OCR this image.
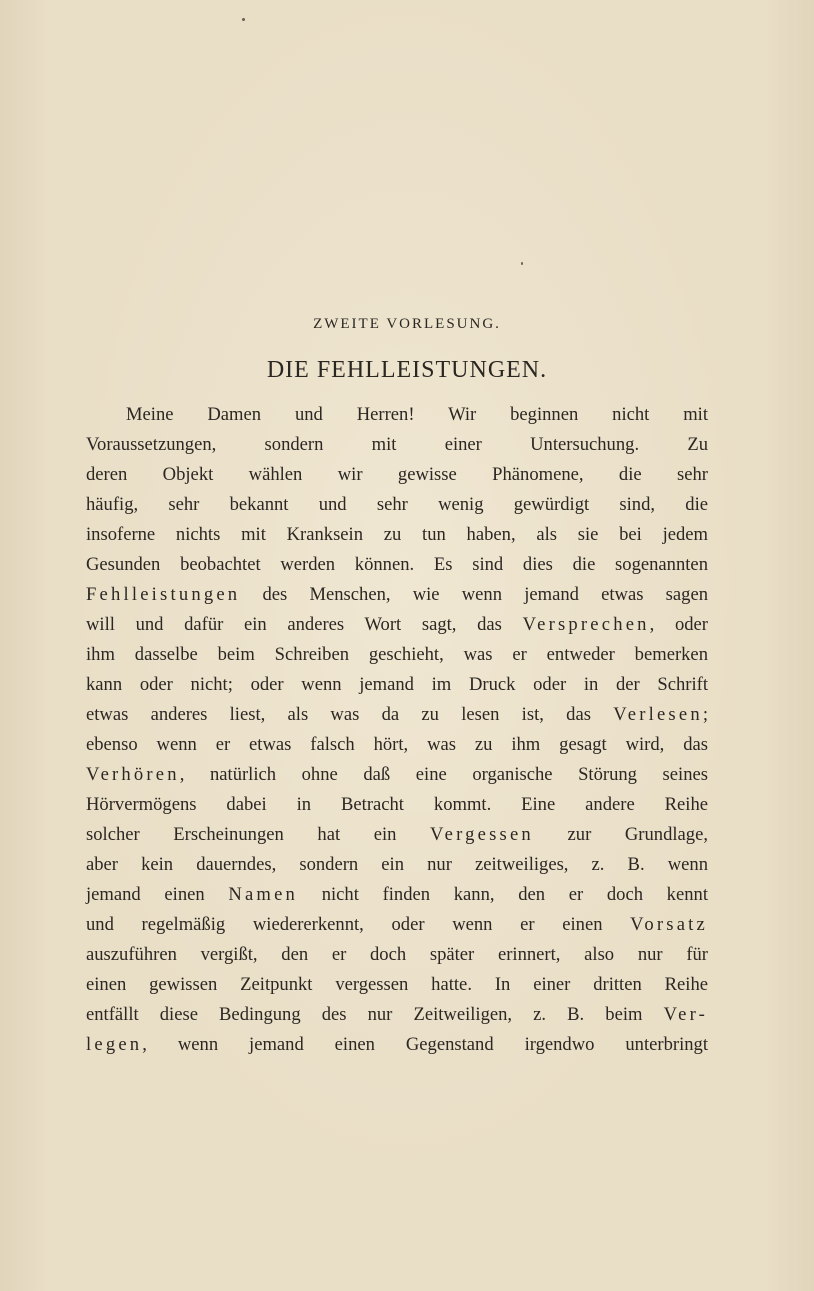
ZWEITE VORLESUNG.
DIE FEHLLEISTUNGEN.
Meine Damen und Herren! Wir beginnen nicht mit
Voraussetzungen, sondern mit einer Untersuchung. Zu
deren Objekt wählen wir gewisse Phänomene, die sehr
häufig, sehr bekannt und sehr wenig gewürdigt sind, die
insoferne nichts mit Kranksein zu tun haben, als sie bei jedem
Gesunden beobachtet werden können. Es sind dies die sogenannten
Fehlleistungen des Menschen, wie wenn jemand etwas sagen
will und dafür ein anderes Wort sagt, das Versprechen, oder
ihm dasselbe beim Schreiben geschieht, was er entweder bemerken
kann oder nicht; oder wenn jemand im Druck oder in der Schrift
etwas anderes liest, als was da zu lesen ist, das Verlesen;
ebenso wenn er etwas falsch hört, was zu ihm gesagt wird, das
Verhören, natürlich ohne daß eine organische Störung seines
Hörvermögens dabei in Betracht kommt. Eine andere Reihe
solcher Erscheinungen hat ein Vergessen zur Grundlage,
aber kein dauerndes, sondern ein nur zeitweiliges, z. B. wenn
jemand einen Namen nicht finden kann, den er doch kennt
und regelmäßig wiedererkennt, oder wenn er einen Vorsatz
auszuführen vergißt, den er doch später erinnert, also nur für
einen gewissen Zeitpunkt vergessen hatte. In einer dritten Reihe
entfällt diese Bedingung des nur Zeitweiligen, z. B. beim Ver-
legen, wenn jemand einen Gegenstand irgendwo unterbringt
